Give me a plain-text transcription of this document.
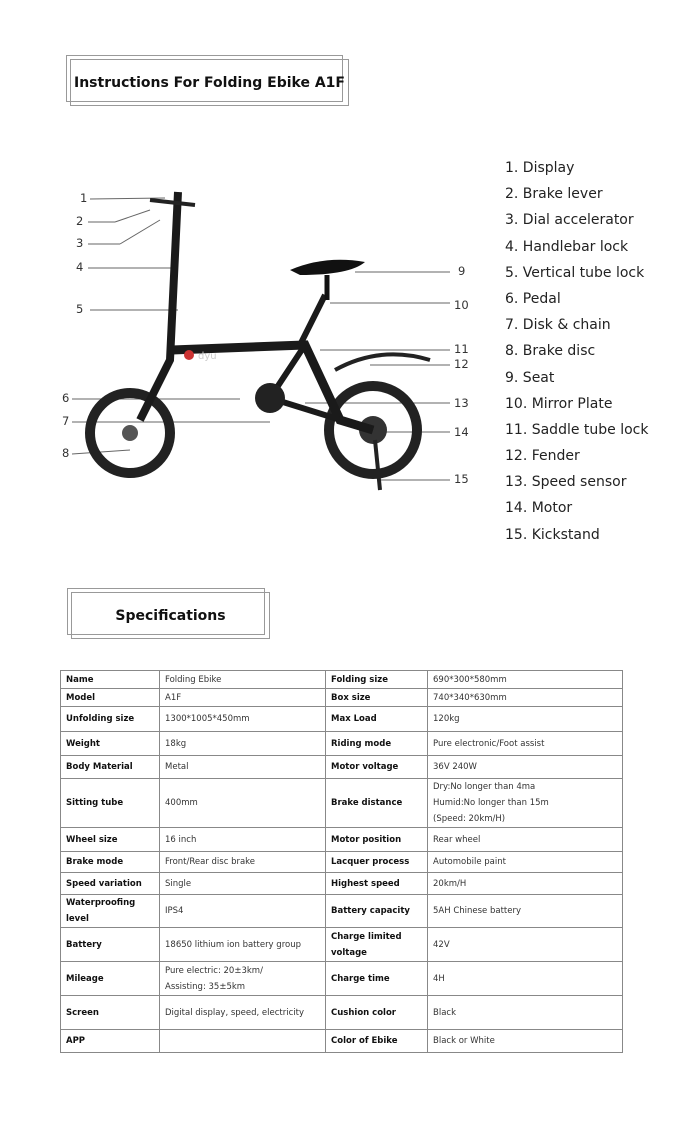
Instructions For Folding Ebike A1F
dyu
1
2
3
4
5
6
7
8
9
10
11
12
13
14
15
1. Display
2. Brake lever
3. Dial accelerator
4. Handlebar lock
5. Vertical tube lock
6. Pedal
7. Disk & chain
8. Brake disc
9. Seat
10. Mirror Plate
11. Saddle tube lock
12. Fender
13. Speed sensor
14. Motor
15. Kickstand
Specifications
Name	Folding Ebike	Folding size	690*300*580mm
Model	A1F	Box size	740*340*630mm
Unfolding size	1300*1005*450mm	Max Load	120kg
Weight	18kg	Riding mode	Pure electronic/Foot assist
Body Material	Metal	Motor voltage	36V 240W
Sitting tube	400mm	Brake distance	Dry:No longer than 4ma
Humid:No longer than 15m
(Speed: 20km/H)
Wheel size	16 inch	Motor position	Rear wheel
Brake mode	Front/Rear disc brake	Lacquer process	Automobile paint
Speed variation	Single	Highest speed	20km/H
Waterproofing level	IPS4	Battery capacity	5AH Chinese battery
Battery	18650 lithium ion battery group	Charge limited voltage	42V
Mileage	Pure electric: 20±3km/
Assisting: 35±5km	Charge time	4H
Screen	Digital display, speed, electricity	Cushion color	Black
APP		Color of Ebike	Black or White
